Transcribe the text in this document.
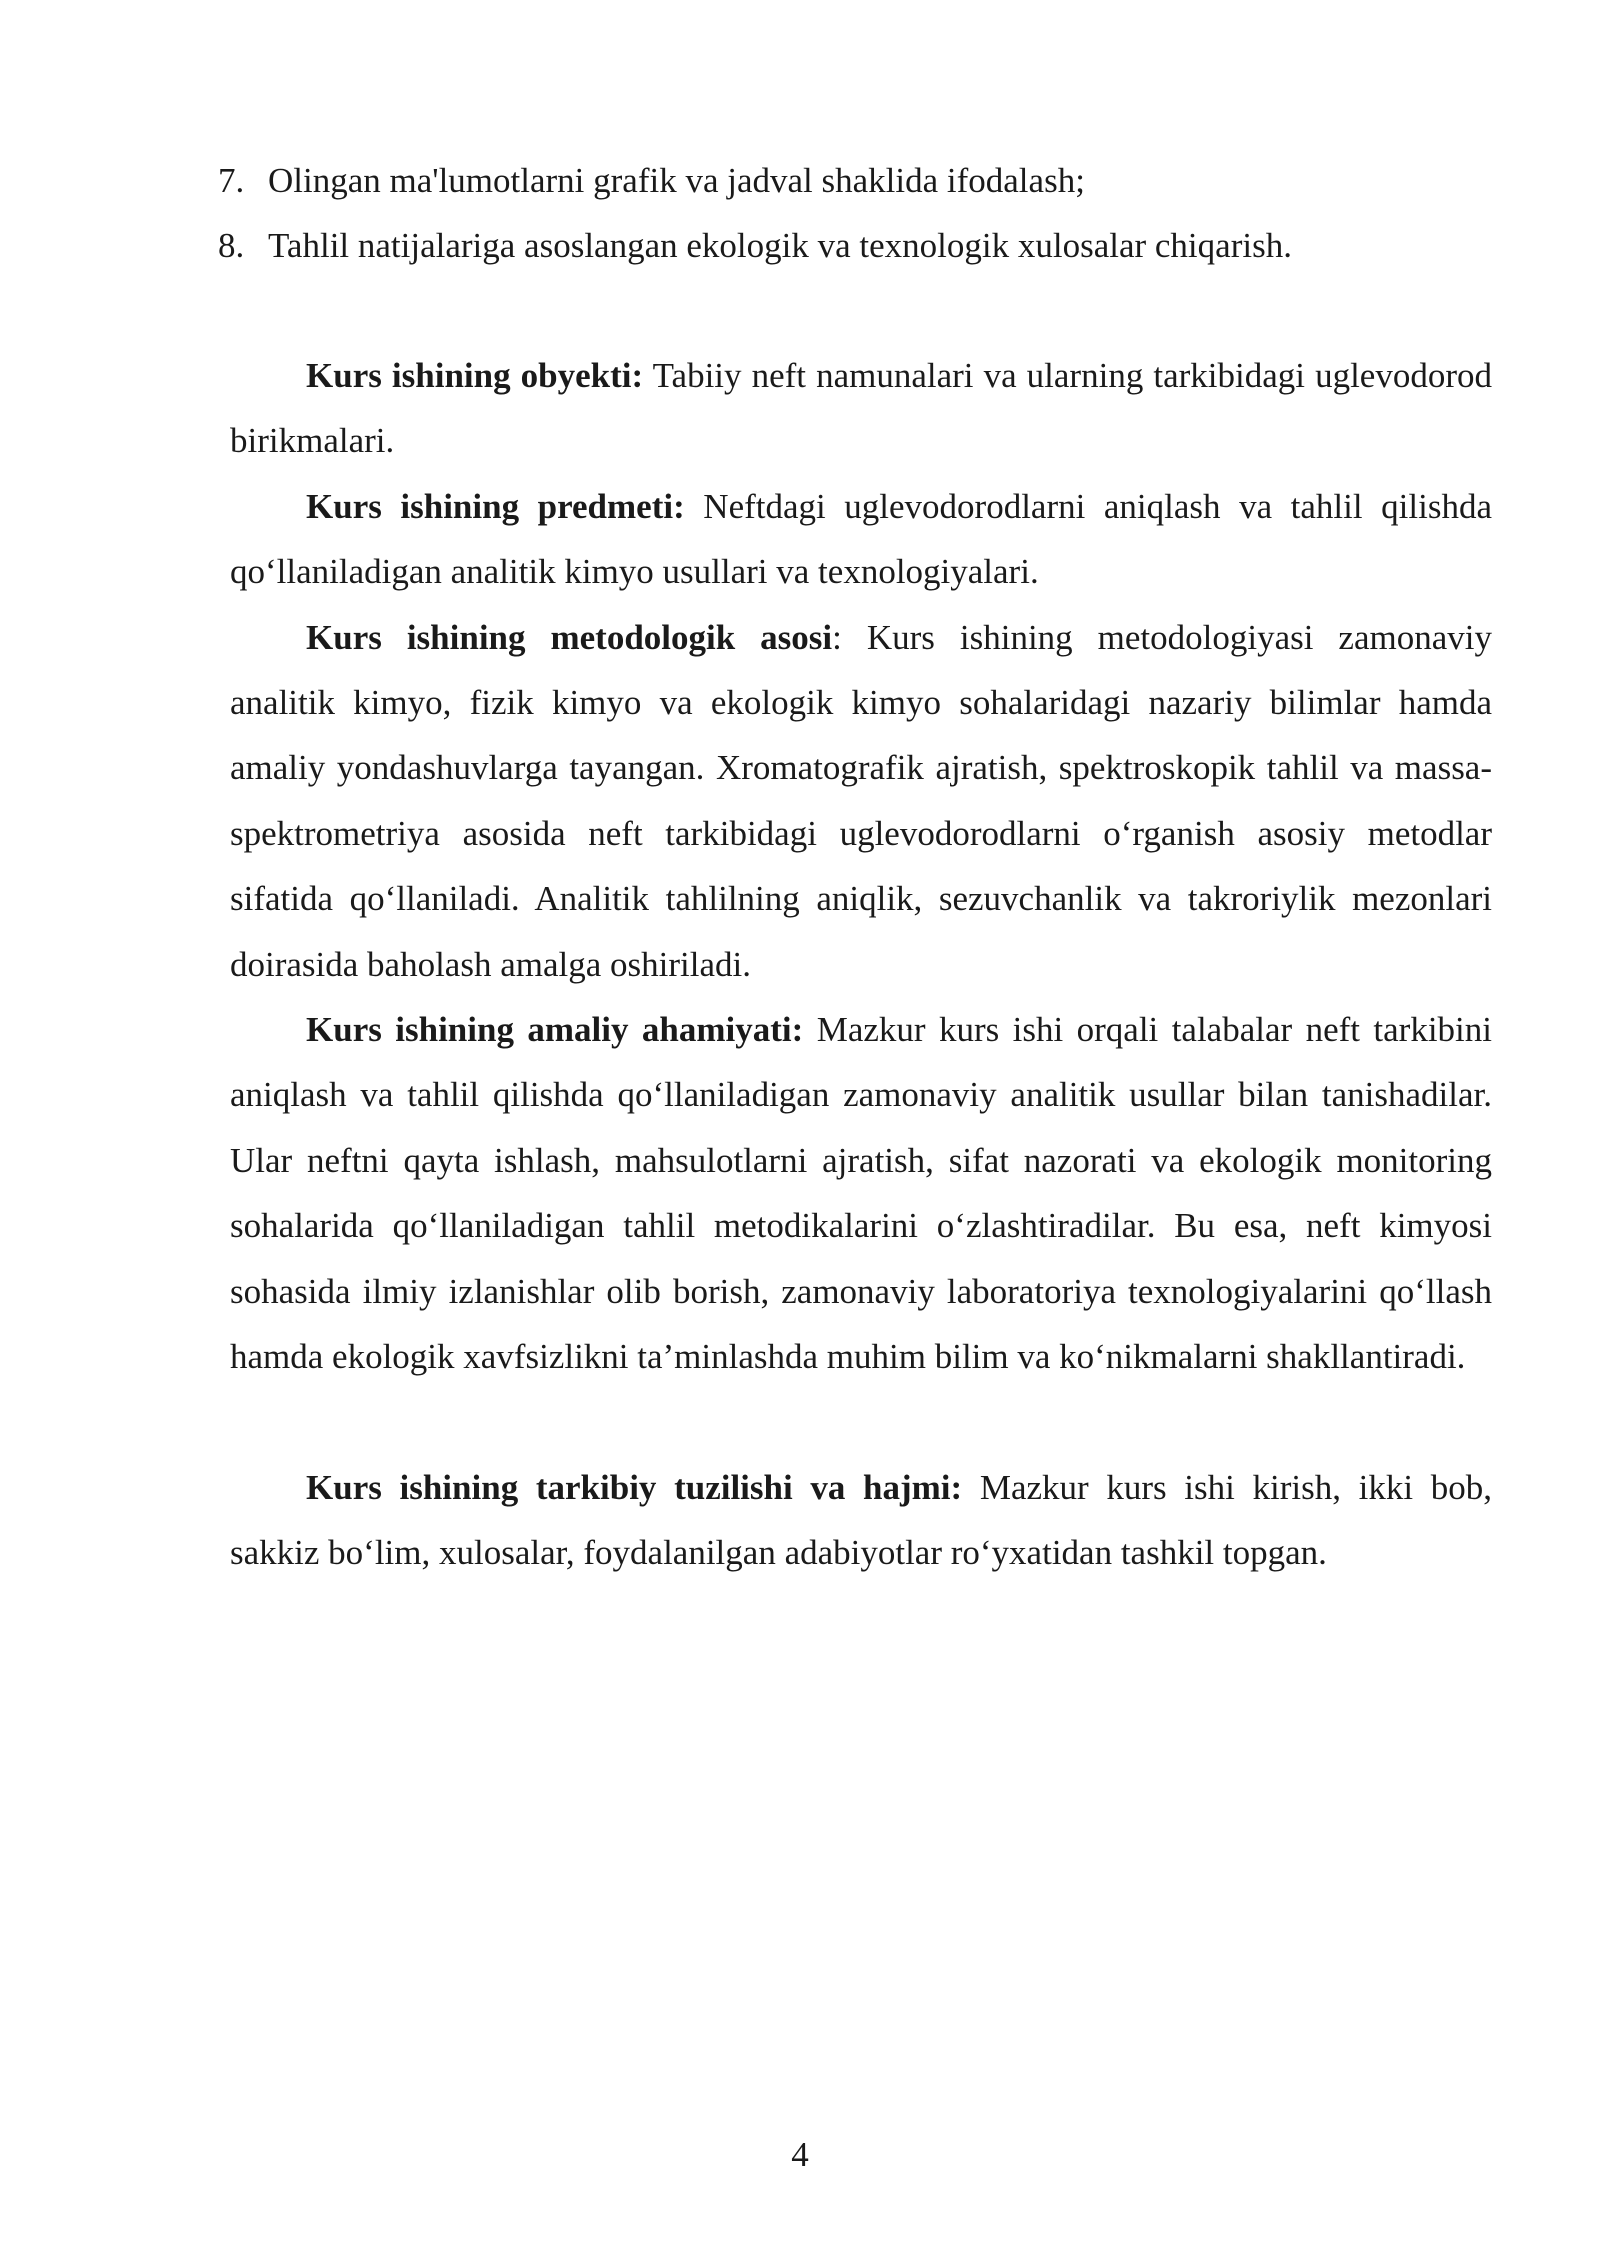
7. Olingan ma'lumotlarni grafik va jadval shaklida ifodalash;
8. Tahlil natijalariga asoslangan ekologik va texnologik xulosalar chiqarish.

Kurs ishining obyekti: Tabiiy neft namunalari va ularning tarkibidagi uglevodorod birikmalari.

Kurs ishining predmeti: Neftdagi uglevodorodlarni aniqlash va tahlil qilishda qo‘llaniladigan analitik kimyo usullari va texnologiyalari.

Kurs ishining metodologik asosi: Kurs ishining metodologiyasi zamonaviy analitik kimyo, fizik kimyo va ekologik kimyo sohalaridagi nazariy bilimlar hamda amaliy yondashuvlarga tayangan. Xromatografik ajratish, spektroskopik tahlil va massa-spektrometriya asosida neft tarkibidagi uglevodorodlarni o‘rganish asosiy metodlar sifatida qo‘llaniladi. Analitik tahlilning aniqlik, sezuvchanlik va takroriylik mezonlari doirasida baholash amalga oshiriladi.

Kurs ishining amaliy ahamiyati: Mazkur kurs ishi orqali talabalar neft tarkibini aniqlash va tahlil qilishda qo‘llaniladigan zamonaviy analitik usullar bilan tanishadilar. Ular neftni qayta ishlash, mahsulotlarni ajratish, sifat nazorati va ekologik monitoring sohalarida qo‘llaniladigan tahlil metodikalarini o‘zlashtiradilar. Bu esa, neft kimyosi sohasida ilmiy izlanishlar olib borish, zamonaviy laboratoriya texnologiyalarini qo‘llash hamda ekologik xavfsizlikni ta’minlashda muhim bilim va ko‘nikmalarni shakllantiradi.

Kurs ishining tarkibiy tuzilishi va hajmi: Mazkur kurs ishi kirish, ikki bob, sakkiz bo‘lim, xulosalar, foydalanilgan adabiyotlar ro‘yxatidan tashkil topgan.

4
